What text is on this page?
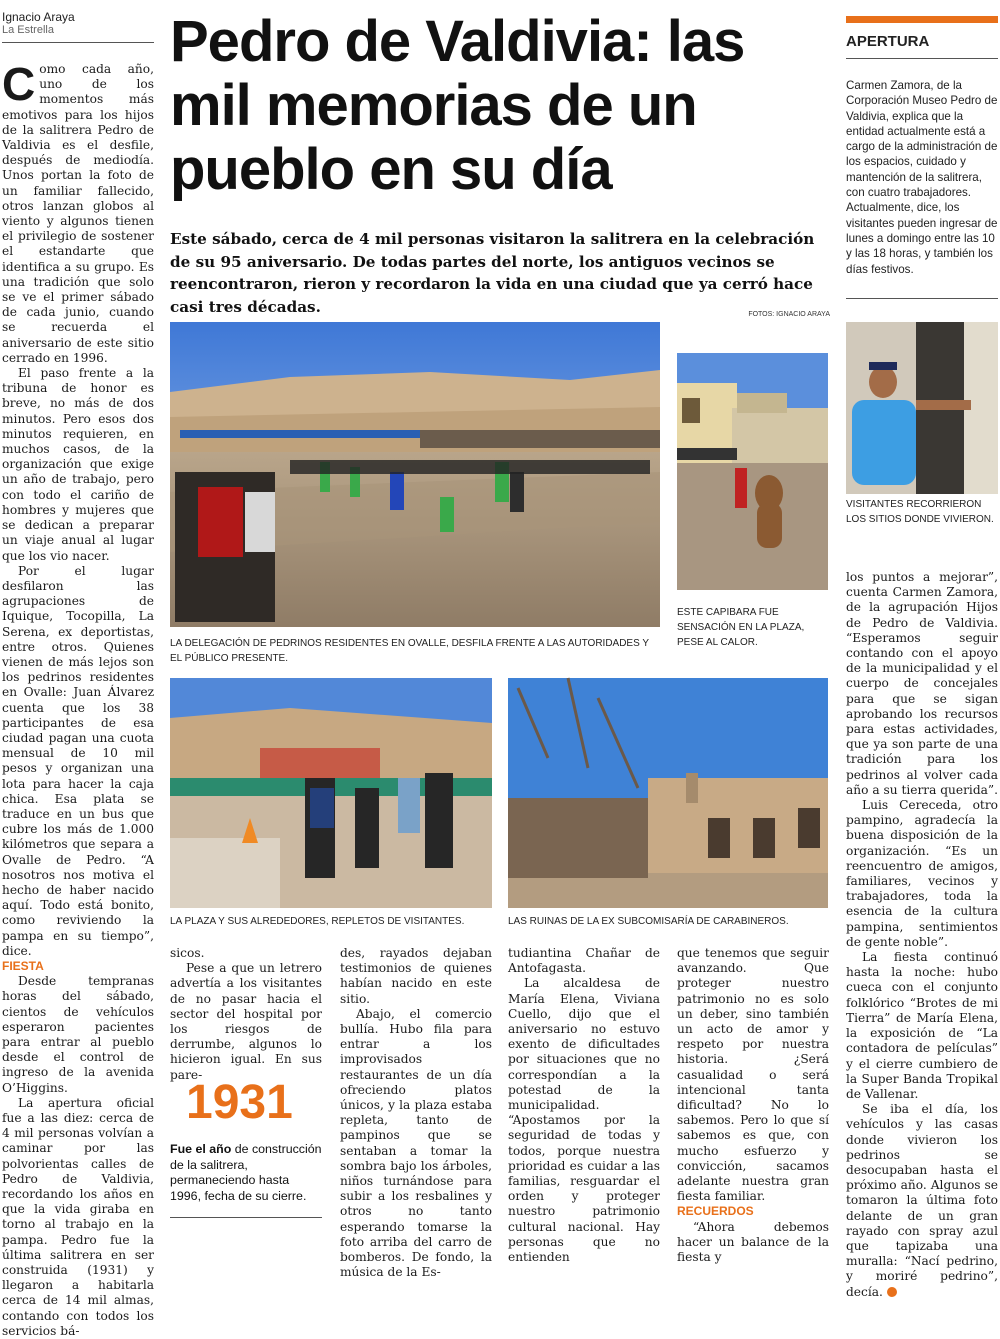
Ignacio Araya
La Estrella	Pedro de Valdivia: las mil memorias de un pueblo en su día

Este sábado, cerca de 4 mil personas visitaron la salitrera en la celebración de su 95 aniversario. De todas partes del norte, los antiguos vecinos se reencontraron, rieron y recordaron la vida en una ciudad que ya cerró hace casi tres décadas.	FOTOS: IGNACIO ARAYA
APERTURA

Carmen Zamora, de la Corporación Museo Pedro de Valdivia, explica que la entidad actualmente está a cargo de la administración de los espacios, cuidado y mantención de la salitrera, con cuatro trabajadores. Actualmente, dice, los visitantes pueden ingresar de lunes a domingo entre las 10 y las 18 horas, y también los días festivos.

C omo cada año, uno de los momentos más emotivos para los hijos de la salitrera Pedro de Valdivia es el desfile, después de mediodía. Unos portan la foto de un familiar fallecido, otros lanzan globos al viento y algunos tienen el privilegio de sostener el estandarte que identifica a su grupo. Es una tradición que solo se ve el primer sábado de cada junio, cuando se recuerda el aniversario de este sitio cerrado en 1996.

El paso frente a la tribuna de honor es breve, no más de dos minutos. Pero esos dos minutos requieren, en muchos casos, de la organización que exige un año de trabajo, pero con todo el cariño de hombres y mujeres que se dedican a preparar un viaje anual al lugar que los vio nacer.

Por el lugar desfilaron las agrupaciones de Iquique, Tocopilla, La Serena, ex deportistas, entre otros. Quienes vienen de más lejos son los pedrinos residentes en Ovalle: Juan Álvarez cuenta que los 38 participantes de esa ciudad pagan una cuota mensual de 10 mil pesos y organizan una lota para hacer la caja chica. Esa plata se traduce en un bus que cubre los más de 1.000 kilómetros que separa a Ovalle de Pedro. “A nosotros nos motiva el hecho de haber nacido aquí. Todo está bonito, como reviviendo la pampa en su tiempo”, dice.

FIESTA

Desde tempranas horas del sábado, cientos de vehículos esperaron pacientes para entrar al pueblo desde el control de ingreso de la avenida O’Higgins.

La apertura oficial fue a las diez: cerca de 4 mil personas volvían a caminar por las polvorientas calles de Pedro de Valdivia, recordando los años en que la vida giraba en torno al trabajo en la pampa. Pedro fue la última salitrera en ser construida (1931) y llegaron a habitarla cerca de 14 mil almas, contando con todos los servicios bá-

LA DELEGACIÓN DE PEDRINOS RESIDENTES EN OVALLE, DESFILA FRENTE A LAS AUTORIDADES Y EL PÚBLICO PRESENTE.
ESTE CAPIBARA FUE SENSACIÓN EN LA PLAZA, PESE AL CALOR.
VISITANTES RECORRIERON LOS SITIOS DONDE VIVIERON.
LA PLAZA Y SUS ALREDEDORES, REPLETOS DE VISITANTES.	LAS RUINAS DE LA EX SUBCOMISARÍA DE CARABINEROS.

sicos.

Pese a que un letrero advertía a los visitantes de no pasar hacia el sector del hospital por los riesgos de derrumbe, algunos lo hicieron igual. En sus pare-

1931

Fue el año de construcción de la salitrera, permaneciendo hasta 1996, fecha de su cierre.

des, rayados dejaban testimonios de quienes habían nacido en este sitio.

Abajo, el comercio bullía. Hubo fila para entrar a los improvisados restaurantes de un día ofreciendo platos únicos, y la plaza estaba repleta, tanto de pampinos que se sentaban a tomar la sombra bajo los árboles, niños turnándose para subir a los resbalines y otros no tanto esperando tomarse la foto arriba del carro de bomberos. De fondo, la música de la Es-

tudiantina Chañar de Antofagasta.

La alcaldesa de María Elena, Viviana Cuello, dijo que el aniversario no estuvo exento de dificultades por situaciones que no correspondían a la potestad de la municipalidad. “Apostamos por la seguridad de todas y todos, porque nuestra prioridad es cuidar a las familias, resguardar el orden y proteger nuestro patrimonio cultural nacional. Hay personas que no entienden

que tenemos que seguir avanzando. Que proteger nuestro patrimonio no es solo un deber, sino también un acto de amor y respeto por nuestra historia. ¿Será casualidad o será intencional tanta dificultad? No lo sabemos. Pero lo que sí sabemos es que, con mucho esfuerzo y convicción, sacamos adelante nuestra gran fiesta familiar.

RECUERDOS

“Ahora debemos hacer un balance de la fiesta y

los puntos a mejorar”, cuenta Carmen Zamora, de la agrupación Hijos de Pedro de Valdivia. “Esperamos seguir contando con el apoyo de la municipalidad y el cuerpo de concejales para que se sigan aprobando los recursos para estas actividades, que ya son parte de una tradición para los pedrinos al volver cada año a su tierra querida”.

Luis Cereceda, otro pampino, agradecía la buena disposición de la organización. “Es un reencuentro de amigos, familiares, vecinos y trabajadores, toda la esencia de la cultura pampina, sentimientos de gente noble”.

La fiesta continuó hasta la noche: hubo cueca con el conjunto folklórico “Brotes de mi Tierra” de María Elena, la exposición de “La contadora de películas” y el cierre cumbiero de la Super Banda Tropikal de Vallenar.

Se iba el día, los vehículos y las casas donde vivieron los pedrinos se desocupaban hasta el próximo año. Algunos se tomaron la última foto delante de un gran rayado con spray azul que tapizaba una muralla: “Nací pedrino, y moriré pedrino”, decía.
